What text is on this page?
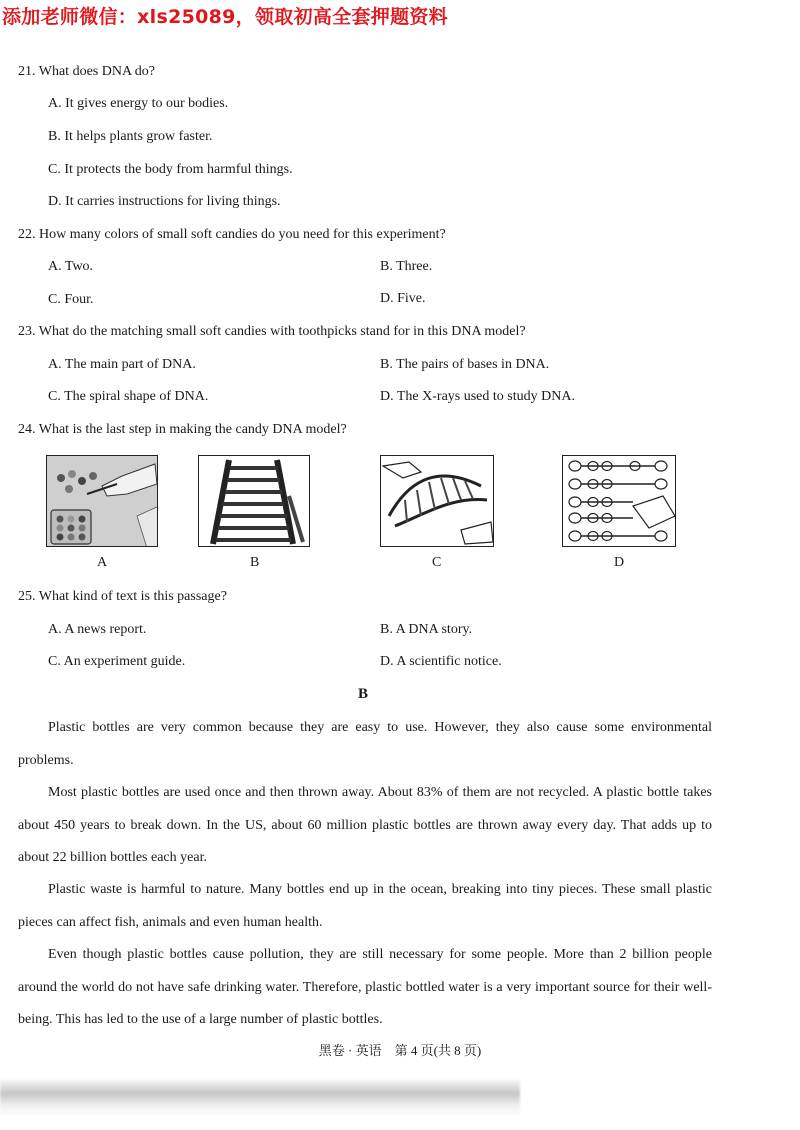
添加老师微信：xls25089，领取初高全套押题资料
21. What does DNA do?
A. It gives energy to our bodies.
B. It helps plants grow faster.
C. It protects the body from harmful things.
D. It carries instructions for living things.
22. How many colors of small soft candies do you need for this experiment?
A. Two.	B. Three.
C. Four.	D. Five.
23. What do the matching small soft candies with toothpicks stand for in this DNA model?
A. The main part of DNA.	B. The pairs of bases in DNA.
C. The spiral shape of DNA.	D. The X-rays used to study DNA.
24. What is the last step in making the candy DNA model?
A	B	C	D
25. What kind of text is this passage?
A. A news report.	B. A DNA story.
C. An experiment guide.	D. A scientific notice.
B
Plastic bottles are very common because they are easy to use. However, they also cause some environmental problems.
Most plastic bottles are used once and then thrown away. About 83% of them are not recycled. A plastic bottle takes about 450 years to break down. In the US, about 60 million plastic bottles are thrown away every day. That adds up to about 22 billion bottles each year.
Plastic waste is harmful to nature. Many bottles end up in the ocean, breaking into tiny pieces. These small plastic pieces can affect fish, animals and even human health.
Even though plastic bottles cause pollution, they are still necessary for some people. More than 2 billion people around the world do not have safe drinking water. Therefore, plastic bottled water is a very important source for their well-being. This has led to the use of a large number of plastic bottles.
黑卷 · 英语　第 4 页(共 8 页)
